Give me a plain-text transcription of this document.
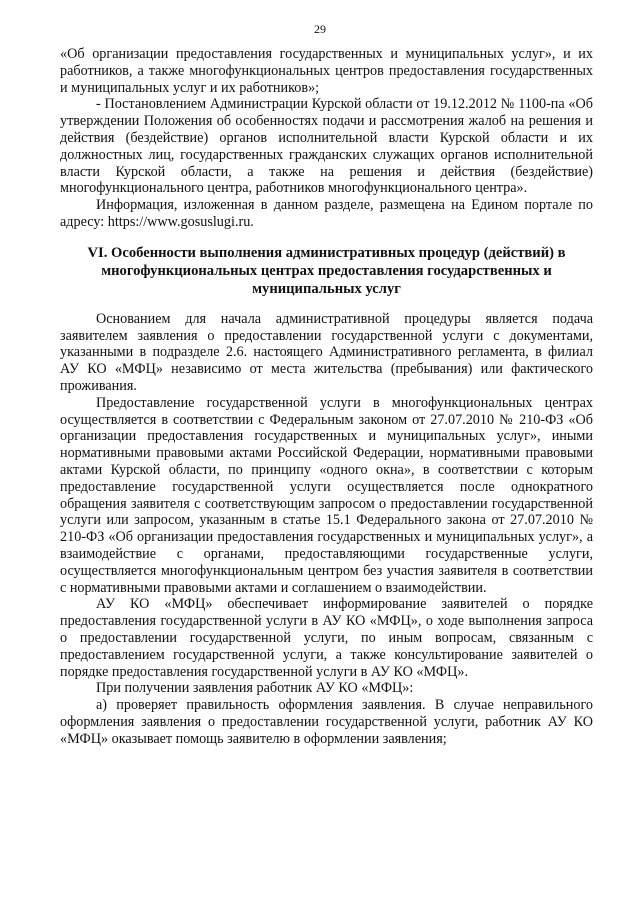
29

«Об организации предоставления государственных и муниципальных услуг», и их работников, а также многофункциональных центров предоставления государственных и муниципальных услуг и их работников»;

- Постановлением Администрации Курской области от 19.12.2012 № 1100-па «Об утверждении Положения об особенностях подачи и рассмотрения жалоб на решения и действия (бездействие) органов исполнительной власти Курской области и их должностных лиц, государственных гражданских служащих органов исполнительной власти Курской области, а также на решения и действия (бездействие) многофункционального центра, работников многофункционального центра».

Информация, изложенная в данном разделе, размещена на Едином портале по адресу: https://www.gosuslugi.ru.

VI. Особенности выполнения административных процедур (действий) в многофункциональных центрах предоставления государственных и муниципальных услуг

Основанием для начала административной процедуры является подача заявителем заявления о предоставлении государственной услуги с документами, указанными в подразделе 2.6. настоящего Административного регламента, в филиал АУ КО «МФЦ» независимо от места жительства (пребывания) или фактического проживания.

Предоставление государственной услуги в многофункциональных центрах осуществляется в соответствии с Федеральным законом от 27.07.2010 № 210-ФЗ «Об организации предоставления государственных и муниципальных услуг», иными нормативными правовыми актами Российской Федерации, нормативными правовыми актами Курской области, по принципу «одного окна», в соответствии с которым предоставление государственной услуги осуществляется после однократного обращения заявителя с соответствующим запросом о предоставлении государственной услуги или запросом, указанным в статье 15.1 Федерального закона от 27.07.2010 № 210-ФЗ «Об организации предоставления государственных и муниципальных услуг», а взаимодействие с органами, предоставляющими государственные услуги, осуществляется многофункциональным центром без участия заявителя в соответствии с нормативными правовыми актами и соглашением о взаимодействии.

АУ КО «МФЦ» обеспечивает информирование заявителей о порядке предоставления государственной услуги в АУ КО «МФЦ», о ходе выполнения запроса о предоставлении государственной услуги, по иным вопросам, связанным с предоставлением государственной услуги, а также консультирование заявителей о порядке предоставления государственной услуги в АУ КО «МФЦ».

При получении заявления работник АУ КО «МФЦ»:

а) проверяет правильность оформления заявления. В случае неправильного оформления заявления о предоставлении государственной услуги, работник АУ КО «МФЦ» оказывает помощь заявителю в оформлении заявления;
